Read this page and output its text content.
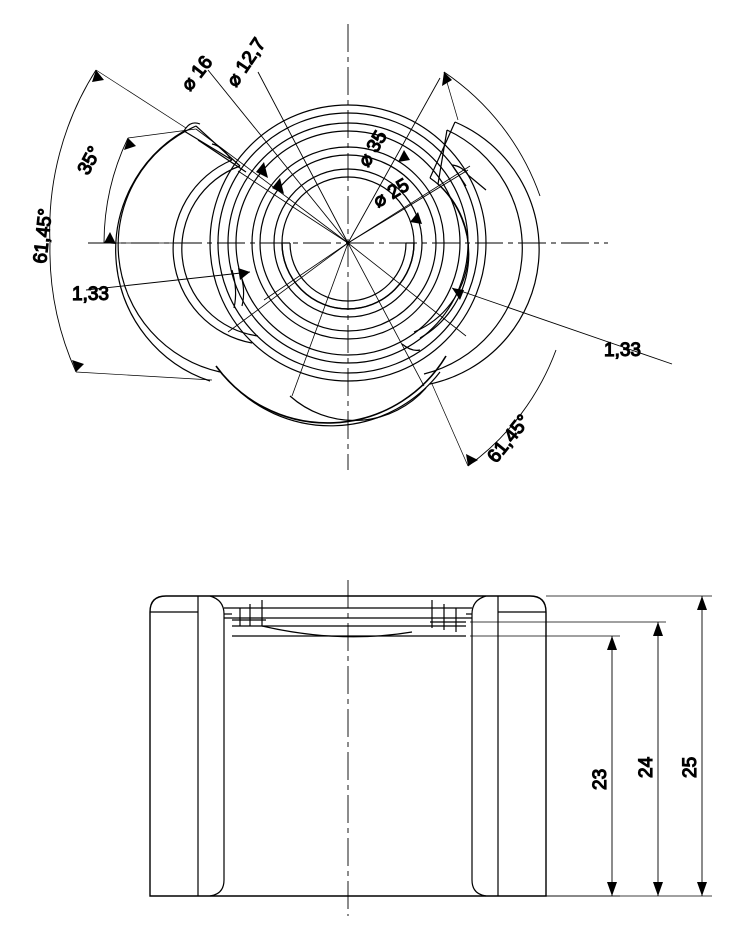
⌀ 12,7
⌀ 16
⌀ 35
⌀ 25
35°
61,45°
61,45°
1,33
1,33
23
24 25
